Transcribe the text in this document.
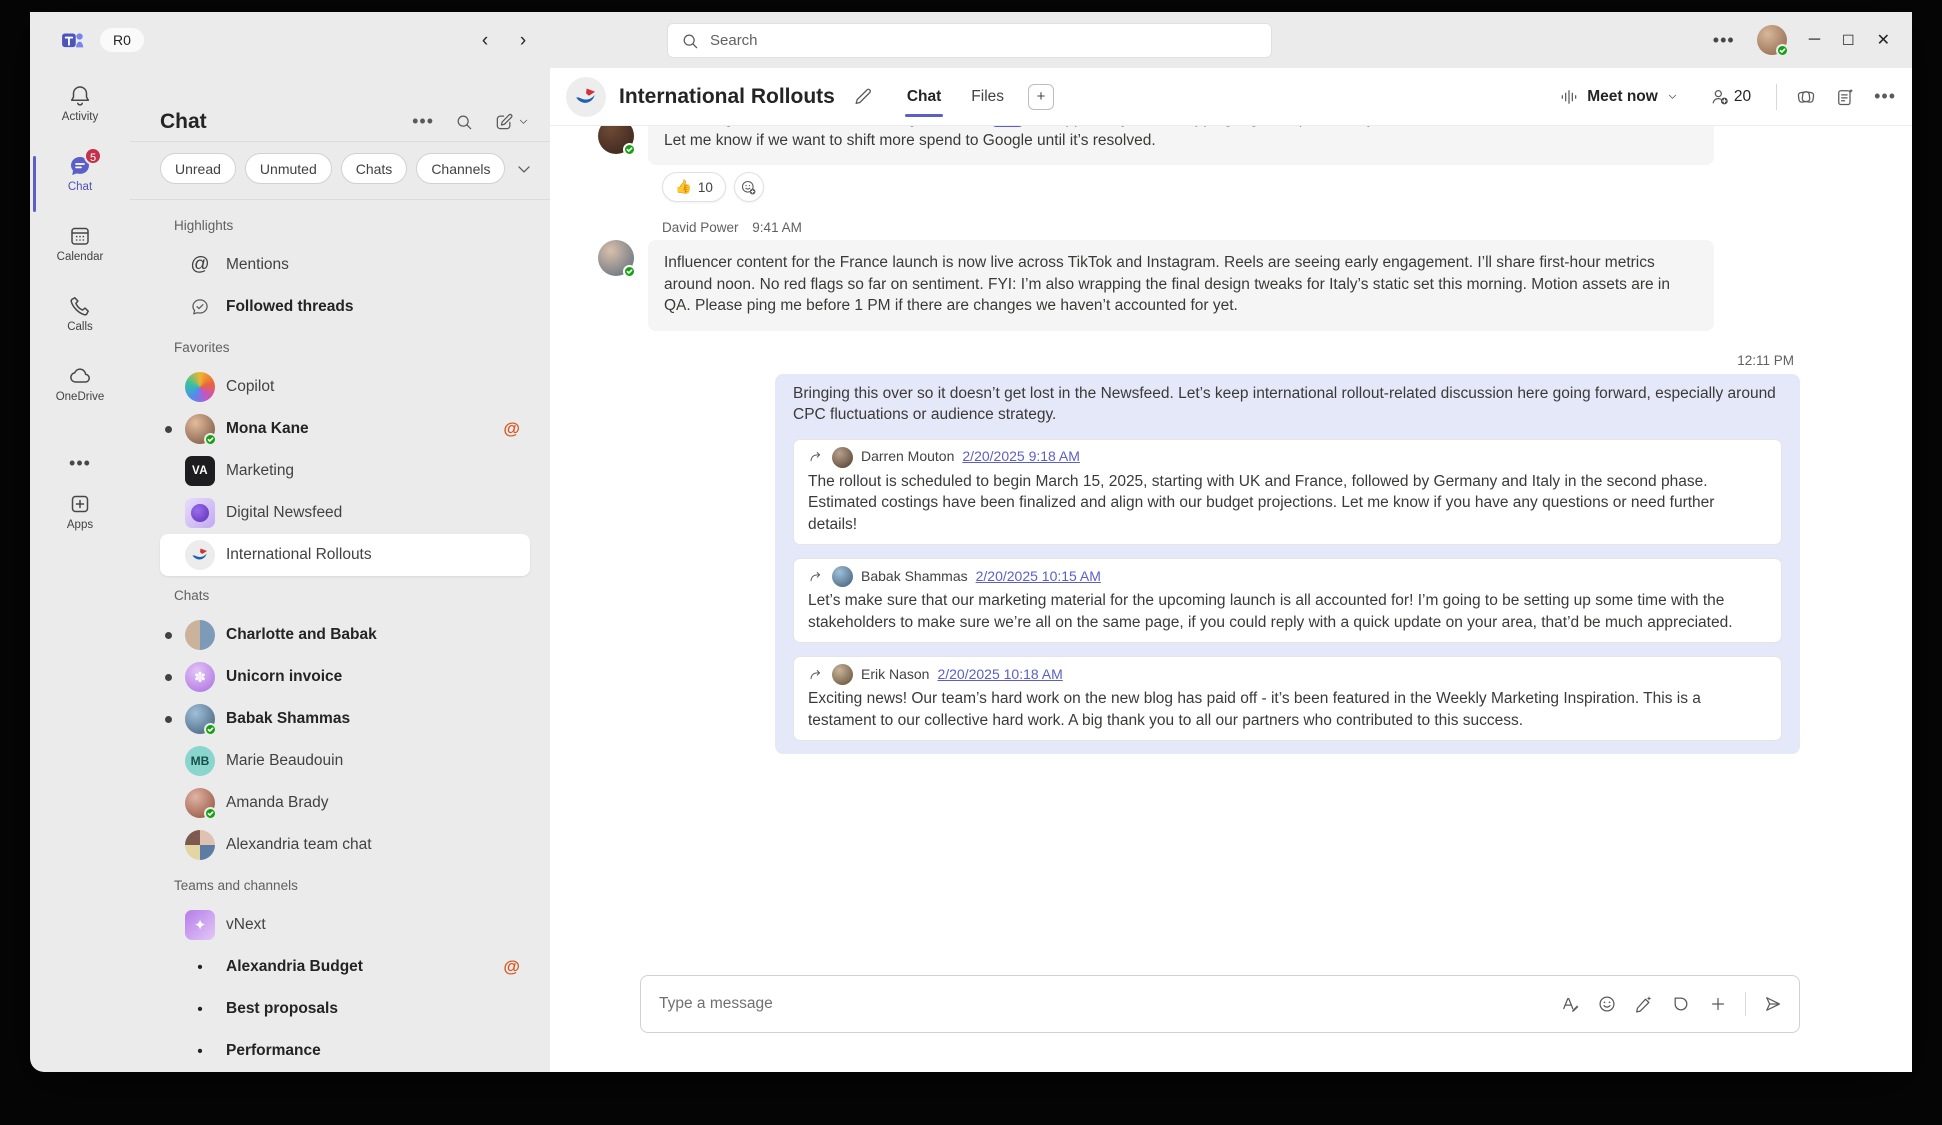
R0	‹	›	Search	•••	─ ☐ ✕
Activity
5
Chat
Calendar
Calls
OneDrive
•••
Apps
Chat	•••
Unread	Unmuted	Chats	Channels
Highlights
@	Mentions
Followed threads
Favorites
Copilot
Mona Kane	@
VA	Marketing
Digital Newsfeed
International Rollouts
Chats
Charlotte and Babak
✽	Unicorn invoice
Babak Shammas
MB	Marie Beaudouin
Amanda Brady
Alexandria team chat
Teams and channels
✦	vNext
•	Alexandria Budget	@
•	Best proposals
•	Performance
International Rollouts	Chat Files	+	Meet now	20	•••

Let me know if we want to shift more spend to Google until it’s resolved.
👍 10
David Power 9:41 AM
Influencer content for the France launch is now live across TikTok and Instagram. Reels are seeing early engagement. I’ll share first-hour metrics around noon. No red flags so far on sentiment. FYI: I’m also wrapping the final design tweaks for Italy’s static set this morning. Motion assets are in QA. Please ping me before 1 PM if there are changes we haven’t accounted for yet.
12:11 PM
Bringing this over so it doesn’t get lost in the Newsfeed. Let’s keep international rollout-related discussion here going forward, especially around CPC fluctuations or audience strategy.
Darren Mouton 2/20/2025 9:18 AM
The rollout is scheduled to begin March 15, 2025, starting with UK and France, followed by Germany and Italy in the second phase. Estimated costings have been finalized and align with our budget projections. Let me know if you have any questions or need further details!
Babak Shammas 2/20/2025 10:15 AM
Let’s make sure that our marketing material for the upcoming launch is all accounted for! I’m going to be setting up some time with the stakeholders to make sure we’re all on the same page, if you could reply with a quick update on your area, that’d be much appreciated.
Erik Nason 2/20/2025 10:18 AM
Exciting news! Our team’s hard work on the new blog has paid off - it’s been featured in the Weekly Marketing Inspiration. This is a testament to our collective hard work. A big thank you to all our partners who contributed to this success.
Type a message
